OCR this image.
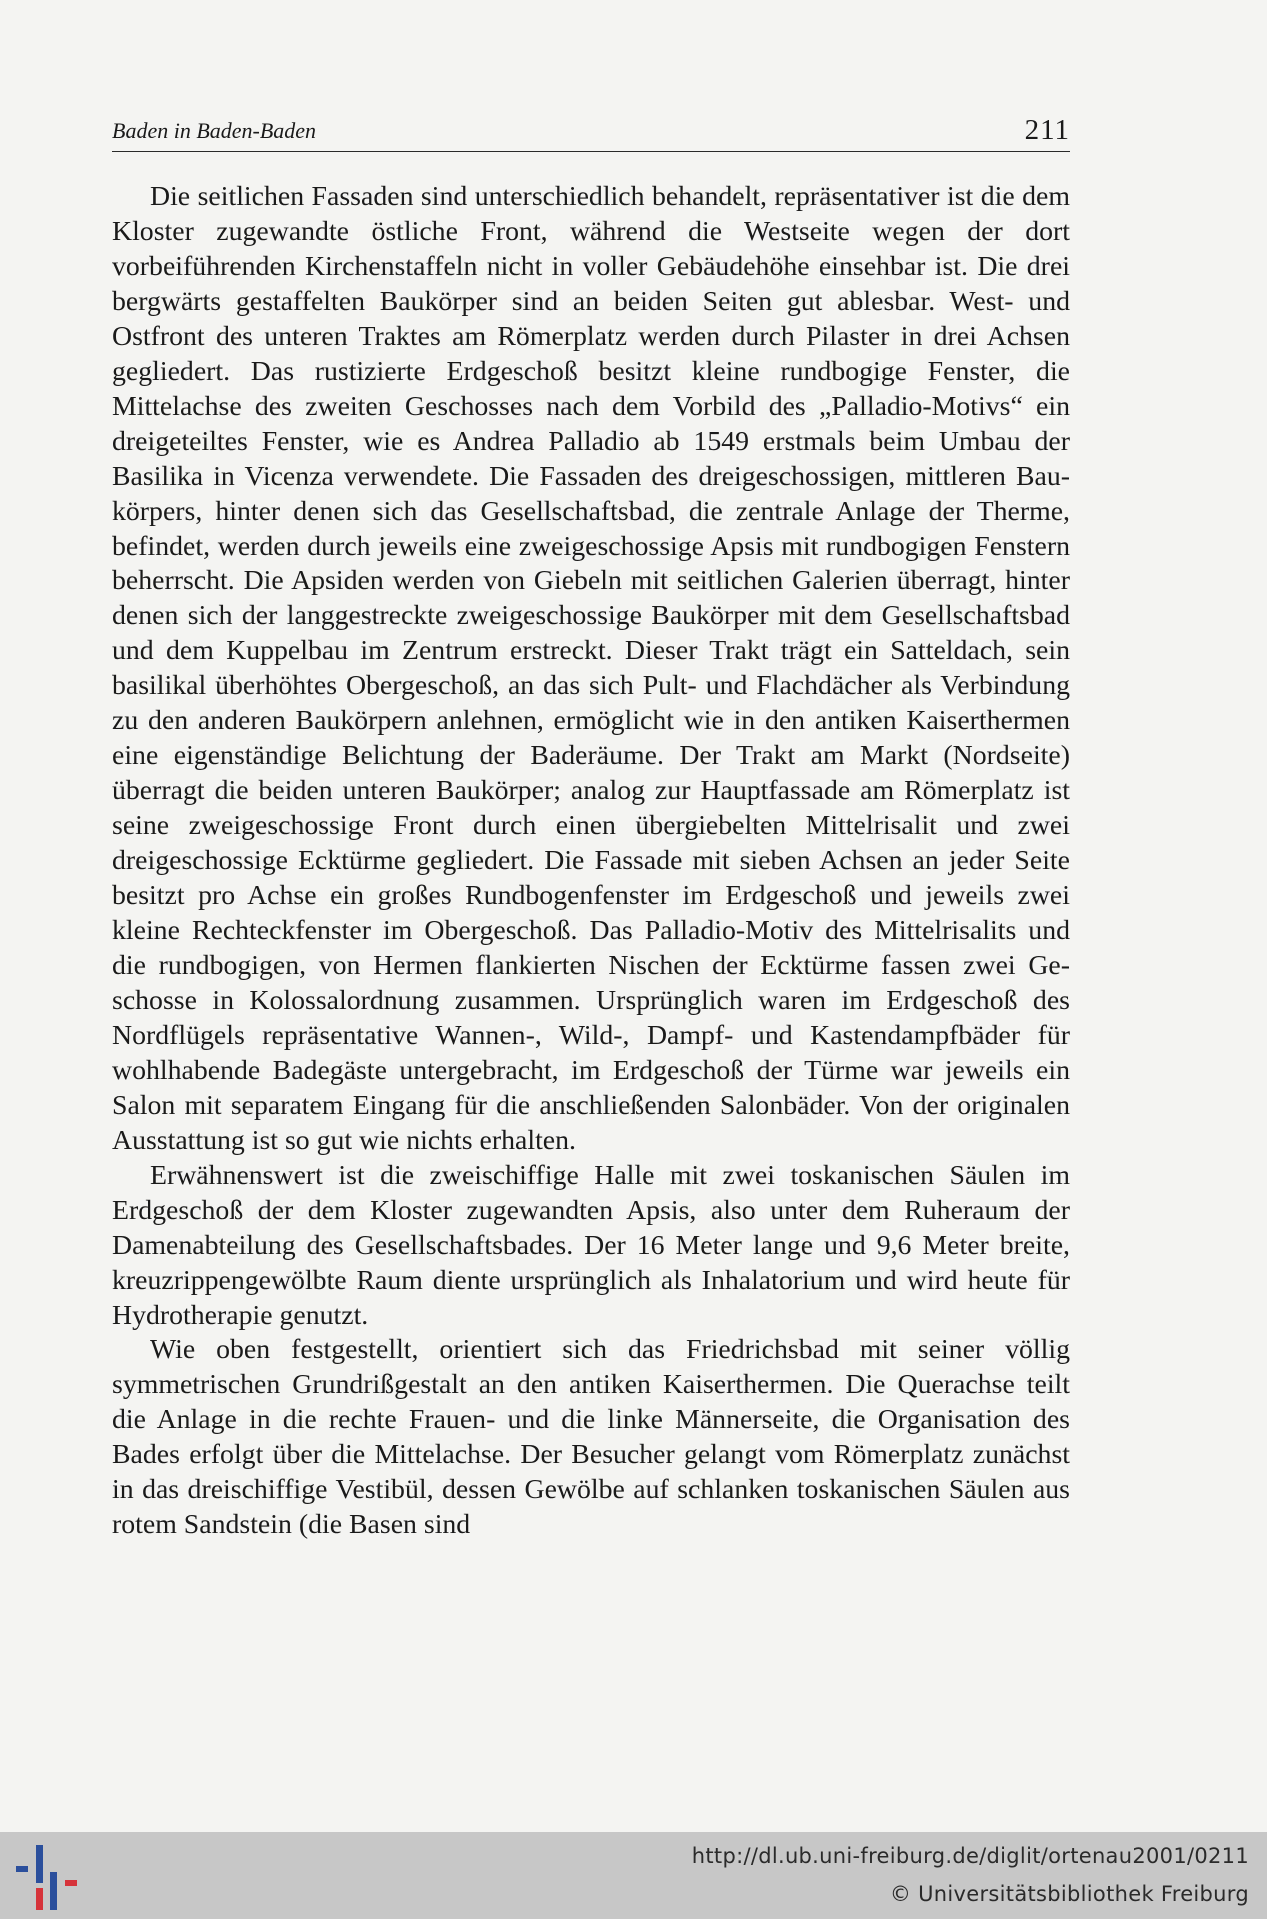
Baden in Baden-Baden	211

Die seitlichen Fassaden sind unterschiedlich behandelt, repräsentativer ist die dem Kloster zugewandte östliche Front, während die Westseite wegen der dort vorbeiführenden Kirchenstaffeln nicht in voller Gebäudehöhe einsehbar ist. Die drei bergwärts gestaffelten Baukörper sind an beiden Seiten gut ablesbar. West- und Ostfront des unteren Traktes am Römerplatz werden durch Pilaster in drei Achsen gegliedert. Das rustizierte Erdgeschoß besitzt kleine rundbogige Fenster, die Mittelachse des zweiten Geschosses nach dem Vorbild des „Palladio-Motivs“ ein dreigeteiltes Fenster, wie es Andrea Palladio ab 1549 erstmals beim Umbau der Basilika in Vicenza verwendete. Die Fassaden des dreigeschossigen, mittleren Baukörpers, hinter denen sich das Gesellschaftsbad, die zentrale Anlage der Therme, befindet, werden durch jeweils eine zweigeschossige Apsis mit rundbogigen Fenstern beherrscht. Die Apsiden werden von Giebeln mit seitlichen Galerien überragt, hinter denen sich der langgestreckte zweigeschossige Baukörper mit dem Gesellschaftsbad und dem Kuppelbau im Zentrum erstreckt. Dieser Trakt trägt ein Satteldach, sein basilikal überhöhtes Obergeschoß, an das sich Pult- und Flachdächer als Verbindung zu den anderen Baukörpern anlehnen, ermöglicht wie in den antiken Kaiserthermen eine eigenständige Belichtung der Baderäume. Der Trakt am Markt (Nordseite) überragt die beiden unteren Baukörper; analog zur Hauptfassade am Römerplatz ist seine zweigeschossige Front durch einen übergiebelten Mittelrisalit und zwei dreigeschossige Ecktürme gegliedert. Die Fassade mit sieben Achsen an jeder Seite besitzt pro Achse ein großes Rundbogenfenster im Erdgeschoß und jeweils zwei kleine Rechteckfenster im Obergeschoß. Das Palladio-Motiv des Mittelrisalits und die rundbogigen, von Hermen flankierten Nischen der Ecktürme fassen zwei Geschosse in Kolossalordnung zusammen. Ursprünglich waren im Erdgeschoß des Nordflügels repräsentative Wannen-, Wild-, Dampf- und Kastendampfbäder für wohlhabende Badegäste untergebracht, im Erdgeschoß der Türme war jeweils ein Salon mit separatem Eingang für die anschließenden Salonbäder. Von der originalen Ausstattung ist so gut wie nichts erhalten.

Erwähnenswert ist die zweischiffige Halle mit zwei toskanischen Säulen im Erdgeschoß der dem Kloster zugewandten Apsis, also unter dem Ruheraum der Damenabteilung des Gesellschaftsbades. Der 16 Meter lange und 9,6 Meter breite, kreuzrippengewölbte Raum diente ursprünglich als Inhalatorium und wird heute für Hydrotherapie genutzt.

Wie oben festgestellt, orientiert sich das Friedrichsbad mit seiner völlig symmetrischen Grundrißgestalt an den antiken Kaiserthermen. Die Querachse teilt die Anlage in die rechte Frauen- und die linke Männerseite, die Organisation des Bades erfolgt über die Mittelachse. Der Besucher gelangt vom Römerplatz zunächst in das dreischiffige Vestibül, dessen Gewölbe auf schlanken toskanischen Säulen aus rotem Sandstein (die Basen sind

http://dl.ub.uni-freiburg.de/diglit/ortenau2001/0211
© Universitätsbibliothek Freiburg
